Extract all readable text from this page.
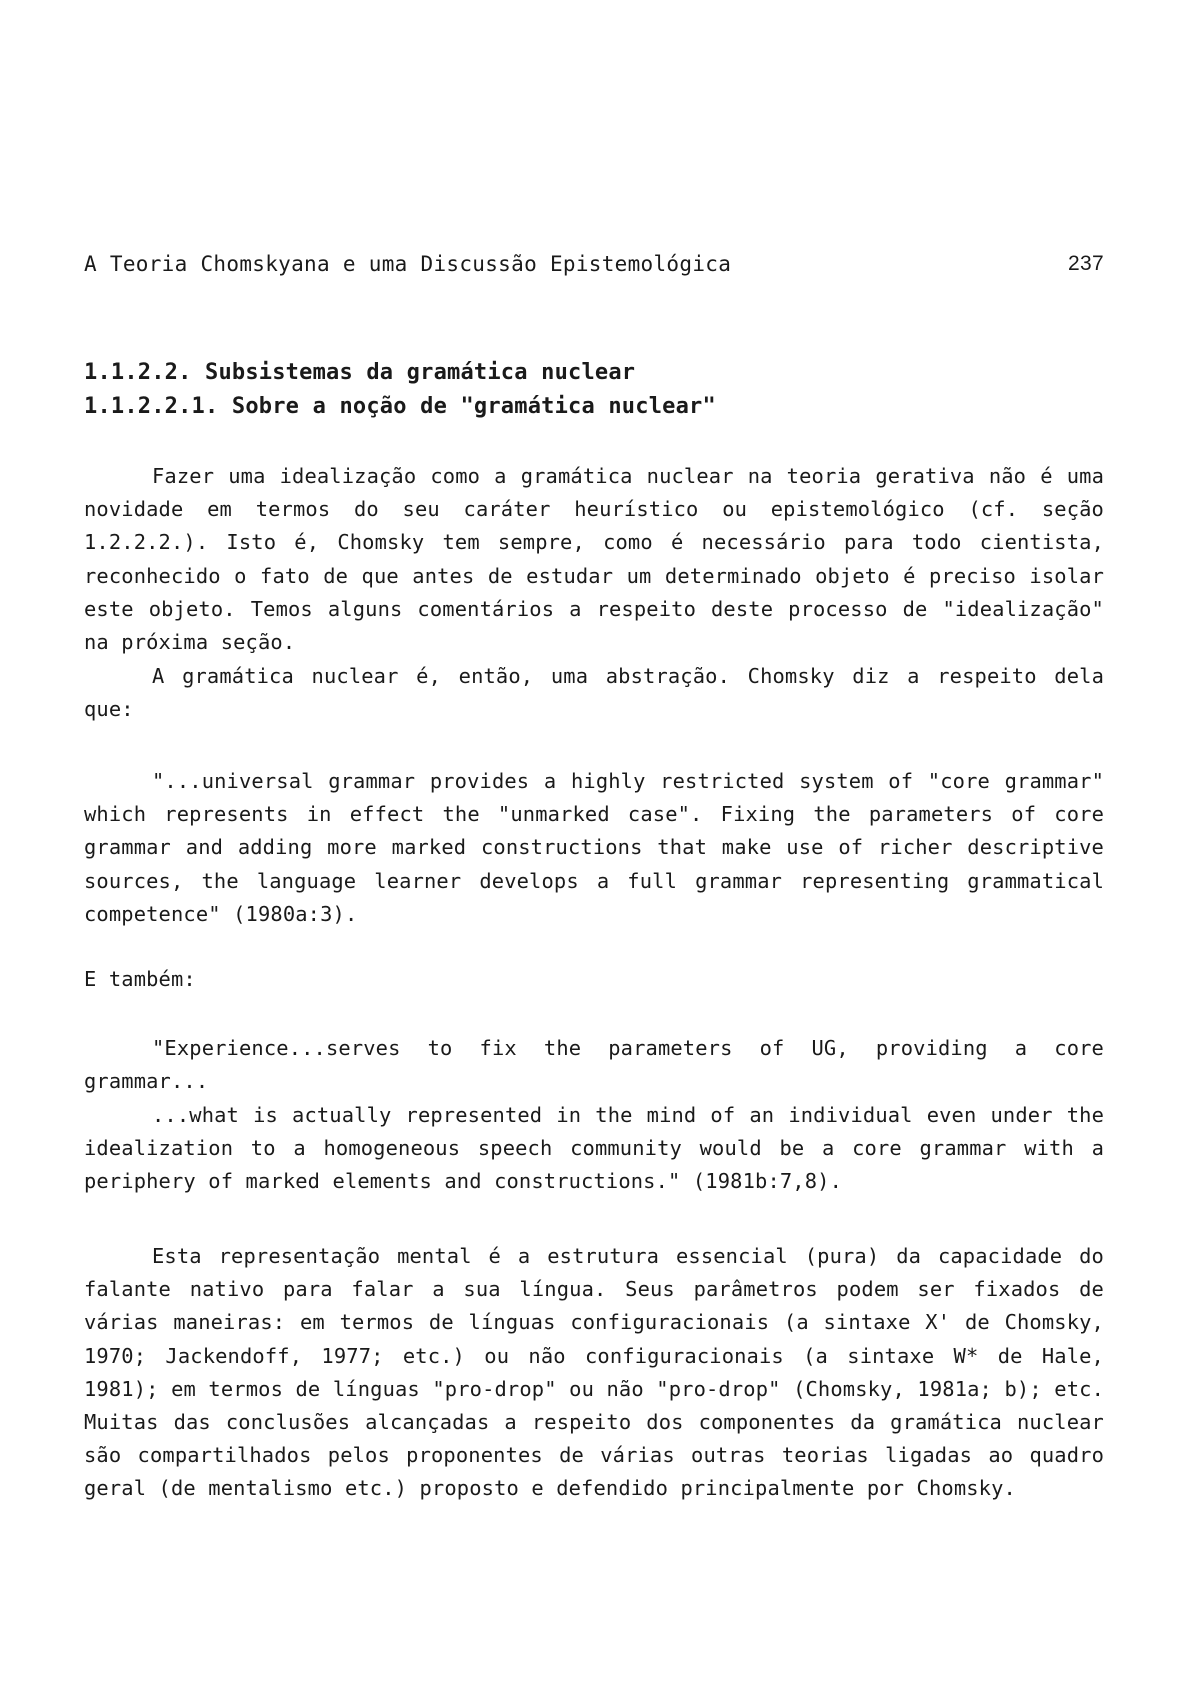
A Teoria Chomskyana e uma Discussão Epistemológica	237
1.1.2.2. Subsistemas da gramática nuclear
1.1.2.2.1. Sobre a noção de "gramática nuclear"

Fazer uma idealização como a gramática nuclear na teoria gerativa não é uma novidade em termos do seu caráter heurístico ou epistemológico (cf. seção 1.2.2.2.). Isto é, Chomsky tem sempre, como é necessário para todo cientista, reconhecido o fato de que antes de estudar um determinado objeto é preciso isolar este objeto. Temos alguns comentários a respeito deste processo de "idealização" na próxima seção.

A gramática nuclear é, então, uma abstração. Chomsky diz a respeito dela que:

"...universal grammar provides a highly restricted system of "core grammar" which represents in effect the "unmarked case". Fixing the parameters of core grammar and adding more marked constructions that make use of richer descriptive sources, the language learner develops a full grammar representing grammatical competence" (1980a:3).

E também:

"Experience...serves to fix the parameters of UG, providing a core grammar...

...what is actually represented in the mind of an individual even under the idealization to a homogeneous speech community would be a core grammar with a periphery of marked elements and constructions." (1981b:7,8).

Esta representação mental é a estrutura essencial (pura) da capacidade do falante nativo para falar a sua língua. Seus parâmetros podem ser fixados de várias maneiras: em termos de línguas configuracionais (a sintaxe X' de Chomsky, 1970; Jackendoff, 1977; etc.) ou não configuracionais (a sintaxe W* de Hale, 1981); em termos de línguas "pro-drop" ou não "pro-drop" (Chomsky, 1981a; b); etc. Muitas das conclusões alcançadas a respeito dos componentes da gramática nuclear são compartilhados pelos proponentes de várias outras teorias ligadas ao quadro geral (de mentalismo etc.) proposto e defendido principalmente por Chomsky.
